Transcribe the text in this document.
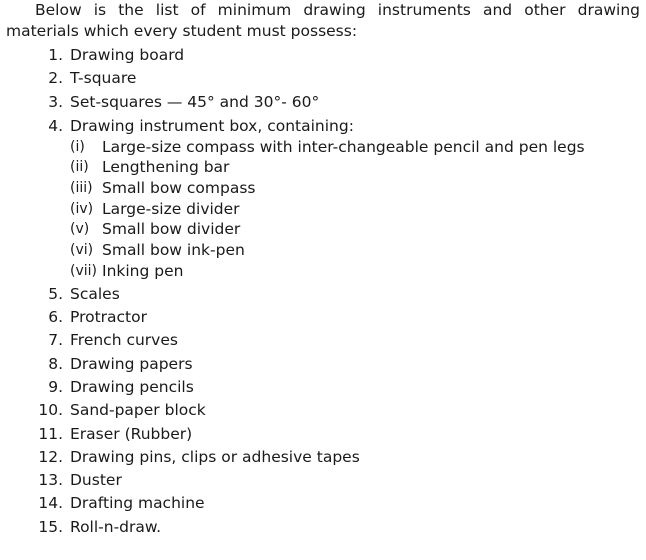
Below is the list of minimum drawing instruments and other drawing materials which every student must possess:

1. Drawing board
2. T-square
3. Set-squares — 45° and 30°- 60°
4. Drawing instrument box, containing:
(i) Large-size compass with inter-changeable pencil and pen legs
(ii) Lengthening bar
(iii) Small bow compass
(iv) Large-size divider
(v) Small bow divider
(vi) Small bow ink-pen
(vii) Inking pen
5. Scales
6. Protractor
7. French curves
8. Drawing papers
9. Drawing pencils
10. Sand-paper block
11. Eraser (Rubber)
12. Drawing pins, clips or adhesive tapes
13. Duster
14. Drafting machine
15. Roll-n-draw.
